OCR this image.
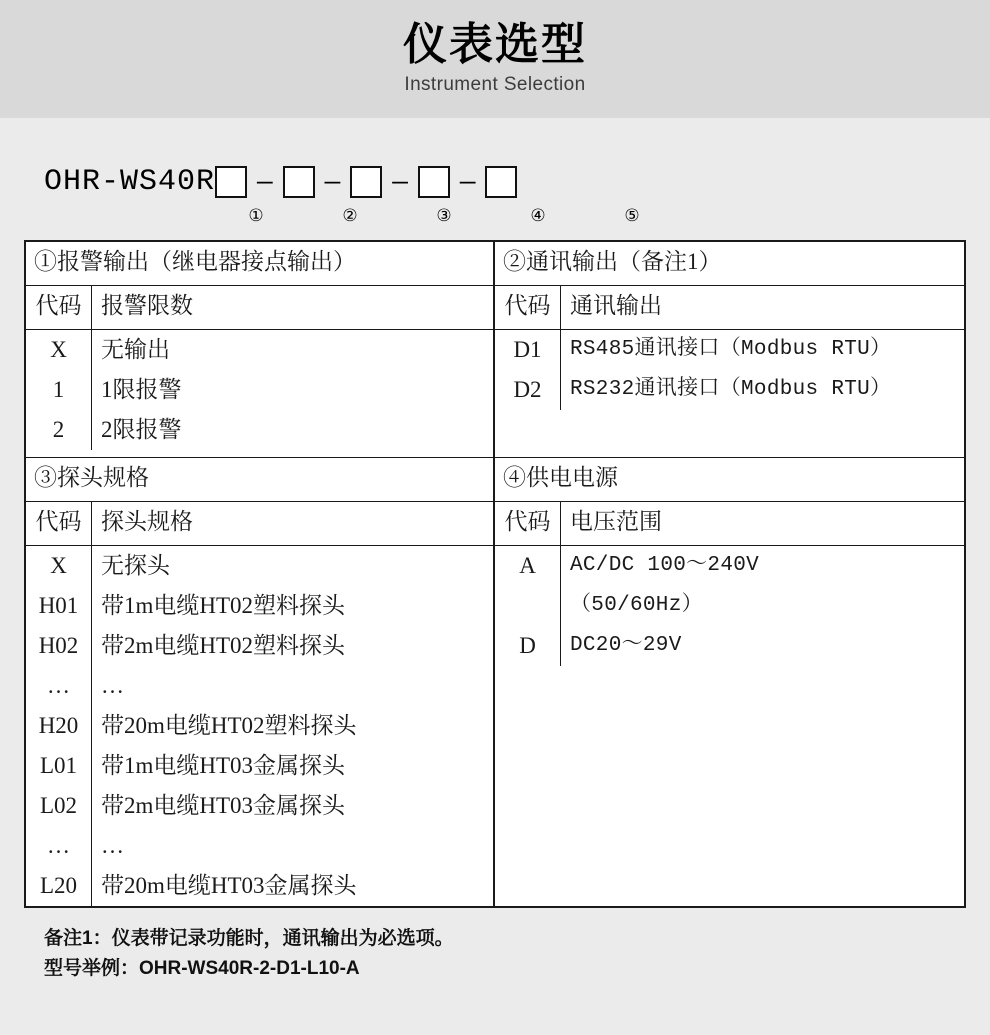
仪表选型
Instrument Selection
OHR-WS40R	—	—	—	—
①	②	③	④	⑤
①报警输出（继电器接点输出）
代码 报警限数
X	无输出
1	1限报警
2	2限报警
③探头规格
代码 探头规格
X	无探头
H01 带1m电缆HT02塑料探头
H02 带2m电缆HT02塑料探头
…	…
H20 带20m电缆HT02塑料探头
L01	带1m电缆HT03金属探头
L02	带2m电缆HT03金属探头
…	…
L20	带20m电缆HT03金属探头
②通讯输出（备注1）
代码 通讯输出
D1	RS485通讯接口（Modbus RTU）
D2	RS232通讯接口（Modbus RTU）
④供电电源
代码 电压范围
A	AC/DC 100～240V
（50/60Hz）
D	DC20～29V
备注1：仪表带记录功能时，通讯输出为必选项。
型号举例：OHR-WS40R-2-D1-L10-A
